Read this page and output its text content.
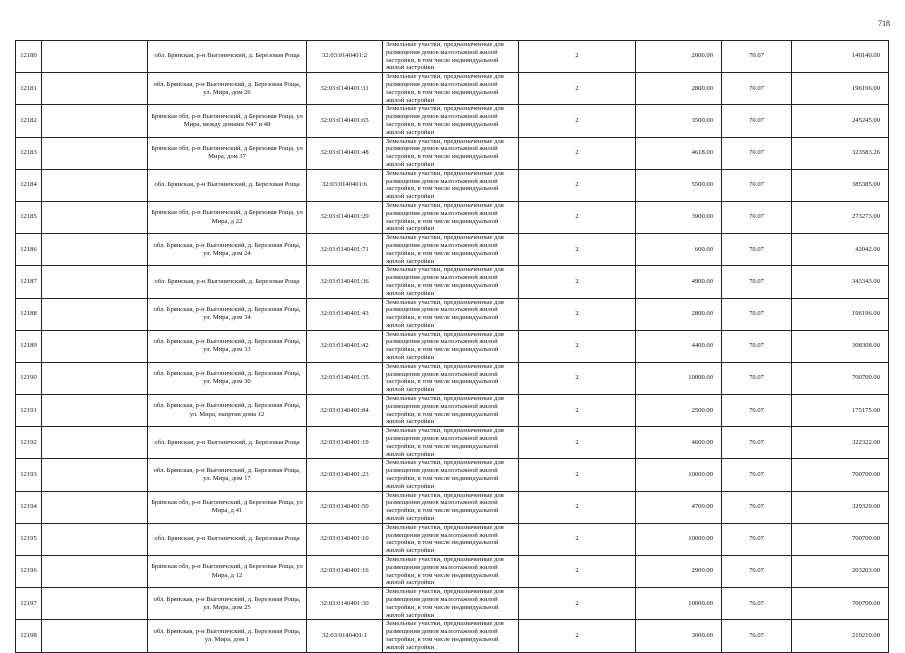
718
12180		обл. Брянская, р-н Выгоничский, д. Березовая Роща	32:03:0140401:2	Земельные участки, предназначенные для размещения домов малоэтажной жилой застройки, в том числе индивидуальной жилой застройки	2	2000.00	70.07	140140.00
12181		обл. Брянская, р-н Выгоничский, д. Березовая Роща, ул. Мира, дом 26	32:03:0140401:31	Земельные участки, предназначенные для размещения домов малоэтажной жилой застройки, в том числе индивидуальной жилой застройки	2	2800.00	70.07	196196.00
12182		Брянская обл, р-н Выгоничский, д Березовая Роща, ул Мира, между домами N47 и 48	32:03:0140401:65	Земельные участки, предназначенные для размещения домов малоэтажной жилой застройки, в том числе индивидуальной жилой застройки	2	3500.00	70.07	245245.00
12183		Брянская обл, р-н Выгоничский, д Березовая Роща, ул Мира, дом 37	32:03:0140401:48	Земельные участки, предназначенные для размещения домов малоэтажной жилой застройки, в том числе индивидуальной жилой застройки	2	4618.00	70.07	323583.26
12184		обл. Брянская, р-н Выгоничский, д. Березовая Роща	32:03:0140401:6	Земельные участки, предназначенные для размещения домов малоэтажной жилой застройки, в том числе индивидуальной жилой застройки	2	5500.00	70.07	385385.00
12185		Брянская обл, р-н Выгоничский, д Березовая Роща, ул Мира, д 22	32:03:0140401:29	Земельные участки, предназначенные для размещения домов малоэтажной жилой застройки, в том числе индивидуальной жилой застройки	2	3900.00	70.07	273273.00
12186		обл. Брянская, р-н Выгоничский, д. Березовая Роща, ул. Мира, дом 24	32:03:0140401:71	Земельные участки, предназначенные для размещения домов малоэтажной жилой застройки, в том числе индивидуальной жилой застройки	2	600.00	70.07	42042.00
12187		обл. Брянская, р-н Выгоничский, д. Березовая Роща	32:03:0140401:36	Земельные участки, предназначенные для размещения домов малоэтажной жилой застройки, в том числе индивидуальной жилой застройки	2	4900.00	70.07	343343.00
12188		обл. Брянская, р-н Выгоничский, д. Березовая Роща, ул. Мира, дом 34	32:03:0140401:43	Земельные участки, предназначенные для размещения домов малоэтажной жилой застройки, в том числе индивидуальной жилой застройки	2	2800.00	70.07	196196.00
12189		обл. Брянская, р-н Выгоничский, д. Березовая Роща, ул. Мира, дом 33	32:03:0140401:42	Земельные участки, предназначенные для размещения домов малоэтажной жилой застройки, в том числе индивидуальной жилой застройки	2	4400.00	70.07	308308.00
12190		обл. Брянская, р-н Выгоничский, д. Березовая Роща, ул. Мира, дом 30	32:03:0140401:35	Земельные участки, предназначенные для размещения домов малоэтажной жилой застройки, в том числе индивидуальной жилой застройки	2	10000.00	70.07	700700.00
12191		обл. Брянская, р-н Выгоничский, д. Березовая Роща, ул. Мира, напртив дома 12	32:03:0140401:84	Земельные участки, предназначенные для размещения домов малоэтажной жилой застройки, в том числе индивидуальной жилой застройки	2	2500.00	70.07	175175.00
12192		обл. Брянская, р-н Выгоничский, д. Березовая Роща	32:03:0140401:19	Земельные участки, предназначенные для размещения домов малоэтажной жилой застройки, в том числе индивидуальной жилой застройки	2	4600.00	70.07	322322.00
12193		обл. Брянская, р-н Выгоничский, д. Березовая Роща, ул. Мира, дом 17	32:03:0140401:23	Земельные участки, предназначенные для размещения домов малоэтажной жилой застройки, в том числе индивидуальной жилой застройки	2	10000.00	70.07	700700.00
12194		Брянская обл, р-н Выгоничский, д Березовая Роща, ул Мира, д 41	32:03:0140401:50	Земельные участки, предназначенные для размещения домов малоэтажной жилой застройки, в том числе индивидуальной жилой застройки	2	4700.00	70.07	329329.00
12195		обл. Брянская, р-н Выгоничский, д. Березовая Роща	32:03:0140401:10	Земельные участки, предназначенные для размещения домов малоэтажной жилой застройки, в том числе индивидуальной жилой застройки	2	10000.00	70.07	700700.00
12196		Брянская обл, р-н Выгоничский, д Березовая Роща, ул Мира, д 12	32:03:0140401:16	Земельные участки, предназначенные для размещения домов малоэтажной жилой застройки, в том числе индивидуальной жилой застройки	2	2900.00	70.07	203203.00
12197		обл. Брянская, р-н Выгоничский, д. Березовая Роща, ул. Мира, дом 25	32:03:0140401:30	Земельные участки, предназначенные для размещения домов малоэтажной жилой застройки, в том числе индивидуальной жилой застройки	2	10000.00	70.07	700700.00
12198		обл. Брянская, р-н Выгоничский, д. Березовая Роща, ул. Мира, дом 1	32:03:0140401:1	Земельные участки, предназначенные для размещения домов малоэтажной жилой застройки, в том числе индивидуальной жилой застройки	2	3000.00	70.07	210210.00
